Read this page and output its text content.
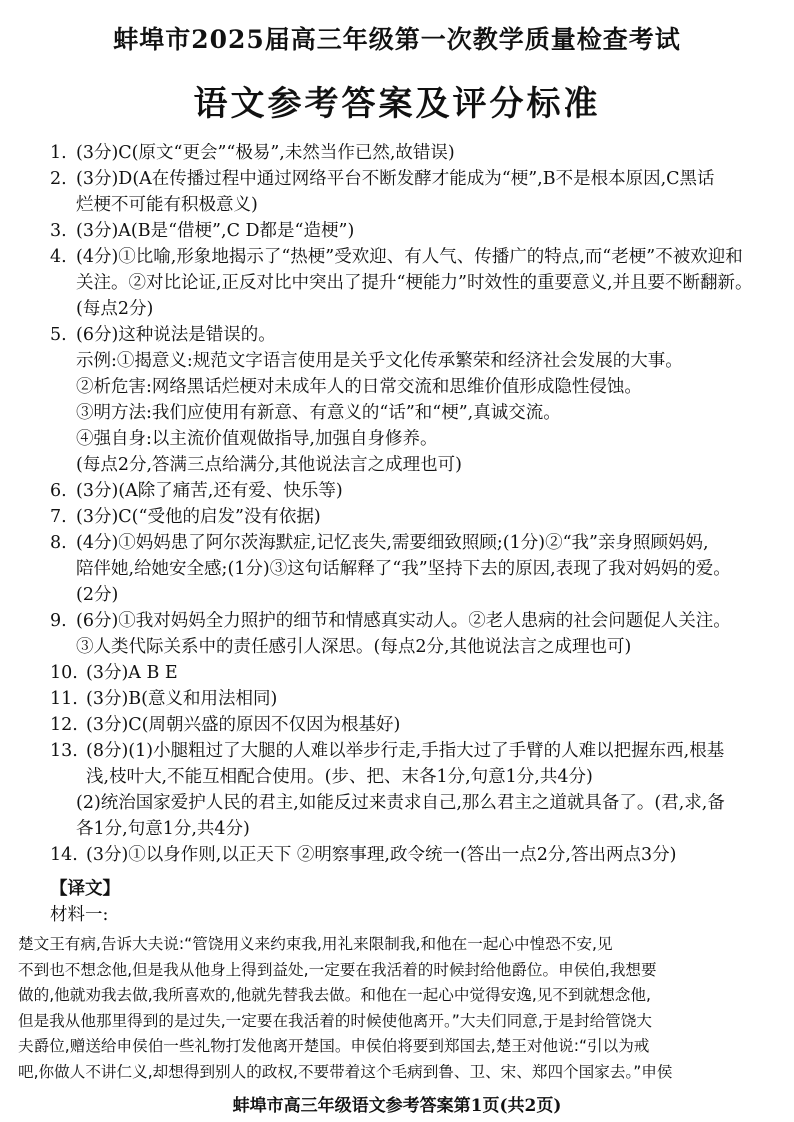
蚌埠市2025届高三年级第一次教学质量检查考试
语文参考答案及评分标准
1. (3分)C(原文“更会”“极易”,未然当作已然,故错误)
2. (3分)D(A在传播过程中通过网络平台不断发酵才能成为“梗”,B不是根本原因,C黑话
烂梗不可能有积极意义)
3. (3分)A(B是“借梗”,C D都是“造梗”)
4. (4分)①比喻,形象地揭示了“热梗”受欢迎、有人气、传播广的特点,而“老梗”不被欢迎和
关注。②对比论证,正反对比中突出了提升“梗能力”时效性的重要意义,并且要不断翻新。
(每点2分)
5. (6分)这种说法是错误的。
示例:①揭意义:规范文字语言使用是关乎文化传承繁荣和经济社会发展的大事。
②析危害:网络黑话烂梗对未成年人的日常交流和思维价值形成隐性侵蚀。
③明方法:我们应使用有新意、有意义的“话”和“梗”,真诚交流。
④强自身:以主流价值观做指导,加强自身修养。
(每点2分,答满三点给满分,其他说法言之成理也可)
6. (3分)(A除了痛苦,还有爱、快乐等)
7. (3分)C(“受他的启发”没有依据)
8. (4分)①妈妈患了阿尔茨海默症,记忆丧失,需要细致照顾;(1分)②“我”亲身照顾妈妈,
陪伴她,给她安全感;(1分)③这句话解释了“我”坚持下去的原因,表现了我对妈妈的爱。
(2分)
9. (6分)①我对妈妈全力照护的细节和情感真实动人。②老人患病的社会问题促人关注。
③人类代际关系中的责任感引人深思。(每点2分,其他说法言之成理也可)
10. (3分)A B E
11. (3分)B(意义和用法相同)
12. (3分)C(周朝兴盛的原因不仅因为根基好)
13. (8分)(1)小腿粗过了大腿的人难以举步行走,手指大过了手臂的人难以把握东西,根基
浅,枝叶大,不能互相配合使用。(步、把、末各1分,句意1分,共4分)
(2)统治国家爱护人民的君主,如能反过来责求自己,那么君主之道就具备了。(君,求,备
各1分,句意1分,共4分)
14. (3分)①以身作则,以正天下 ②明察事理,政令统一(答出一点2分,答出两点3分)
【译文】
材料一:
楚文王有病,告诉大夫说:“管饶用义来约束我,用礼来限制我,和他在一起心中惶恐不安,见
不到也不想念他,但是我从他身上得到益处,一定要在我活着的时候封给他爵位。申侯伯,我想要
做的,他就劝我去做,我所喜欢的,他就先替我去做。和他在一起心中觉得安逸,见不到就想念他,
但是我从他那里得到的是过失,一定要在我活着的时候使他离开。”大夫们同意,于是封给管饶大
夫爵位,赠送给申侯伯一些礼物打发他离开楚国。申侯伯将要到郑国去,楚王对他说:“引以为戒
吧,你做人不讲仁义,却想得到别人的政权,不要带着这个毛病到鲁、卫、宋、郑四个国家去。”申侯
蚌埠市高三年级语文参考答案第1页(共2页)
